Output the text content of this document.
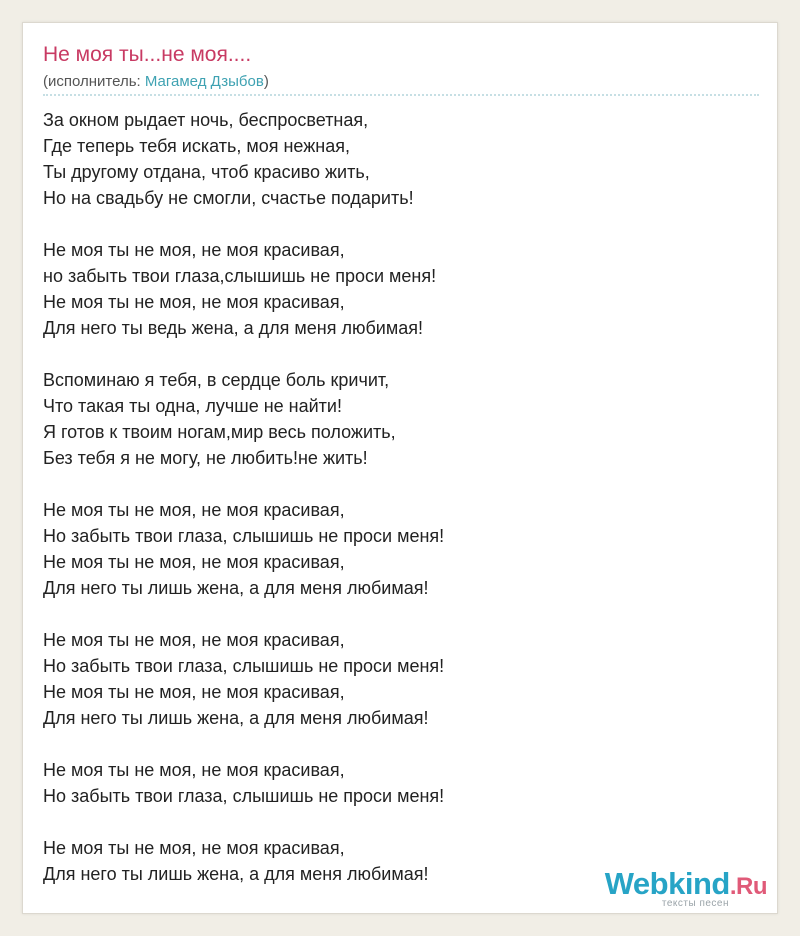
Не моя ты...не моя....
(исполнитель: Магамед Дзыбов)
За окном рыдает ночь, беспросветная,
Где теперь тебя искать, моя нежная,
Ты другому отдана, чтоб красиво жить,
Но на свадьбу не смогли, счастье подарить!
Не моя ты не моя, не моя красивая,
но забыть твои глаза,слышишь не проси меня!
Не моя ты не моя, не моя красивая,
Для него ты ведь жена, а для меня любимая!
Вспоминаю я тебя, в сердце боль кричит,
Что такая ты одна, лучше не найти!
Я готов к твоим ногам,мир весь положить,
Без тебя я не могу, не любить!не жить!
Не моя ты не моя, не моя красивая,
Но забыть твои глаза, слышишь не проси меня!
Не моя ты не моя, не моя красивая,
Для него ты лишь жена, а для меня любимая!
Не моя ты не моя, не моя красивая,
Но забыть твои глаза, слышишь не проси меня!
Не моя ты не моя, не моя красивая,
Для него ты лишь жена, а для меня любимая!
Не моя ты не моя, не моя красивая,
Но забыть твои глаза, слышишь не проси меня!
Не моя ты не моя, не моя красивая,
Для него ты лишь жена, а для меня любимая!	Webkind.Ru
тексты песен
